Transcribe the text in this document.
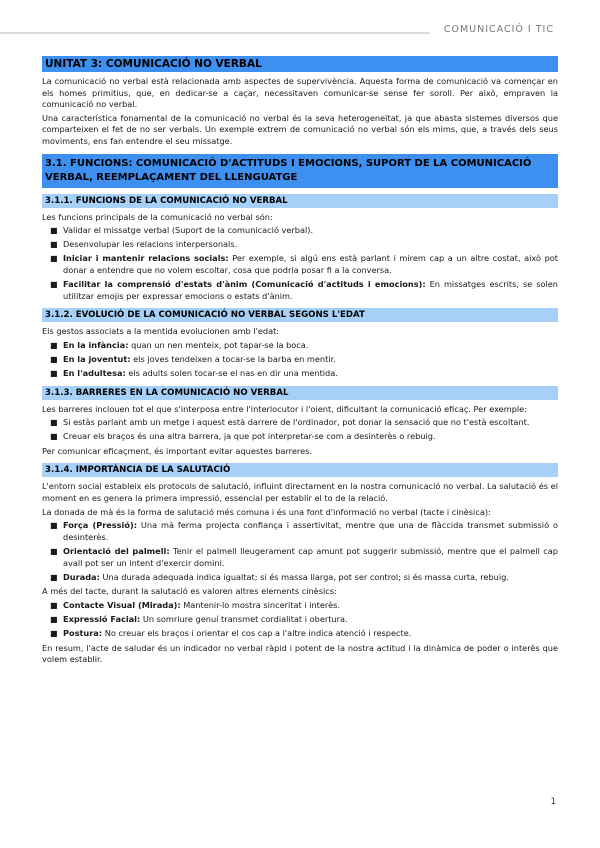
COMUNICACIÓ I TIC
UNITAT 3: COMUNICACIÓ NO VERBAL

La comunicació no verbal està relacionada amb aspectes de supervivència. Aquesta forma de comunicació va començar en els homes primitius, que, en dedicar-se a caçar, necessitaven comunicar-se sense fer soroll. Per això, empraven la comunicació no verbal.

Una característica fonamental de la comunicació no verbal és la seva heterogeneïtat, ja que abasta sistemes diversos que comparteixen el fet de no ser verbals. Un exemple extrem de comunicació no verbal són els mims, que, a través dels seus moviments, ens fan entendre el seu missatge.

3.1. FUNCIONS: COMUNICACIÓ D'ACTITUDS I EMOCIONS, SUPORT DE LA COMUNICACIÓ VERBAL, REEMPLAÇAMENT DEL LLENGUATGE
3.1.1. FUNCIONS DE LA COMUNICACIÓ NO VERBAL

Les funcions principals de la comunicació no verbal són:

■ Validar el missatge verbal (Suport de la comunicació verbal).
■ Desenvolupar les relacions interpersonals.
■ Iniciar i mantenir relacions socials: Per exemple, si algú ens està parlant i mirem cap a un altre costat, això pot donar a entendre que no volem escoltar, cosa que podria posar fi a la conversa.
■ Facilitar la comprensió d'estats d'ànim (Comunicació d'actituds i emocions): En missatges escrits, se solen utilitzar emojis per expressar emocions o estats d'ànim.
3.1.2. EVOLUCIÓ DE LA COMUNICACIÓ NO VERBAL SEGONS L'EDAT

Els gestos associats a la mentida evolucionen amb l'edat:

■ En la infància: quan un nen menteix, pot tapar-se la boca.
■ En la joventut: els joves tendeixen a tocar-se la barba en mentir.
■ En l'adultesa: els adults solen tocar-se el nas en dir una mentida.
3.1.3. BARRERES EN LA COMUNICACIÓ NO VERBAL

Les barreres inclouen tot el que s'interposa entre l'interlocutor i l'oient, dificultant la comunicació eficaç. Per exemple:

■ Si estàs parlant amb un metge i aquest està darrere de l'ordinador, pot donar la sensació que no t'està escoltant.
■ Creuar els braços és una altra barrera, ja que pot interpretar-se com a desinterès o rebuig.

Per comunicar eficaçment, és important evitar aquestes barreres.

3.1.4. IMPORTÀNCIA DE LA SALUTACIÓ

L'entorn social estableix els protocols de salutació, influint directament en la nostra comunicació no verbal. La salutació és el moment en es genera la primera impressió, essencial per establir el to de la relació.

La donada de mà és la forma de salutació més comuna i és una font d'informació no verbal (tacte i cinèsica):

■ Força (Pressió): Una mà ferma projecta confiança i assertivitat, mentre que una de flàccida transmet submissió o desinterès.
■ Orientació del palmell: Tenir el palmell lleugerament cap amunt pot suggerir submissió, mentre que el palmell cap avall pot ser un intent d'exercir domini.
■ Durada: Una durada adequada indica igualtat; si és massa llarga, pot ser control; si és massa curta, rebuig.

A més del tacte, durant la salutació es valoren altres elements cinèsics:

■ Contacte Visual (Mirada): Mantenir-lo mostra sinceritat i interès.
■ Expressió Facial: Un somriure genuí transmet cordialitat i obertura.
■ Postura: No creuar els braços i orientar el cos cap a l'altre indica atenció i respecte.

En resum, l'acte de saludar és un indicador no verbal ràpid i potent de la nostra actitud i la dinàmica de poder o interès que volem establir.

1
